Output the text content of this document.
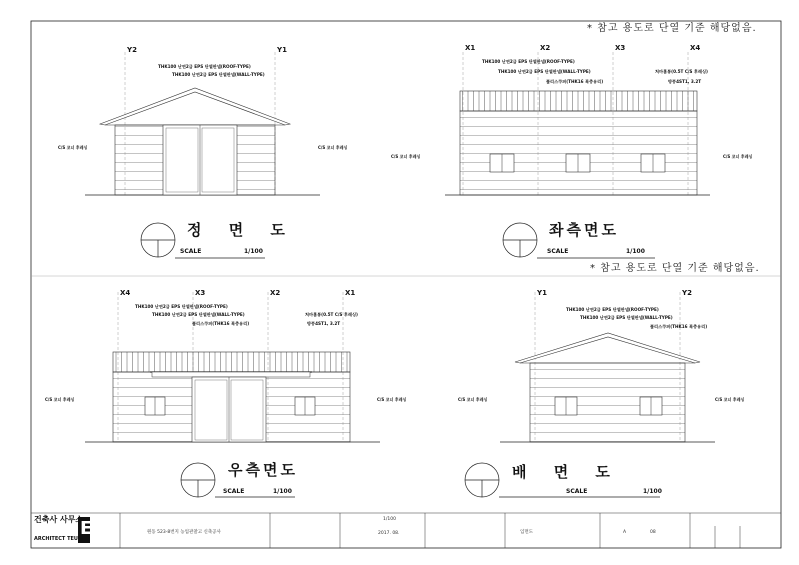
* 참고 용도로 단열 기준 해당없음.
* 참고 용도로 단열 기준 해당없음.
Y2	Y1
THK100 난연2급 EPS 단열판넬(ROOF-TYPE)
THK100 난연2급 EPS 단열판넬(WALL-TYPE)
C/S 코너 후레싱	C/S 코너 후레싱
정 면 도
SCALE	1/100
X1	X2	X3	X4
THK100 난연2급 EPS 단열판넬(ROOF-TYPE)
THK100 난연2급 EPS 단열판넬(WALL-TYPE)
폴리스쿠퍼(THK16 복층유리)
처마홈통(0.5T C/S 후레싱)
방풍4ST1, 3.2T
C/S 코너 후레싱	C/S 코너 후레싱
좌측면도
SCALE	1/100
X4	X3	X2	X1
THK100 난연2급 EPS 단열판넬(ROOF-TYPE)
THK100 난연2급 EPS 단열판넬(WALL-TYPE)
폴리스쿠퍼(THK16 복층유리)
처마홈통(0.5T C/S 후레싱)
방풍4ST1, 3.2T
C/S 코너 후레싱	C/S 코너 후레싱
우측면도
SCALE	1/100
Y1	Y2
THK100 난연2급 EPS 단열판넬(ROOF-TYPE)
THK100 난연2급 EPS 단열판넬(WALL-TYPE)
폴리스쿠퍼(THK16 복층유리)
C/S 코너 후레싱	C/S 코너 후레싱
배 면 도
SCALE	1/100
건축사 사무소
ARCHITECT TEUM
E	원동 523-8번지 농업관찰고 신축공사
1/100
2017. 08.	입면도	A	08
